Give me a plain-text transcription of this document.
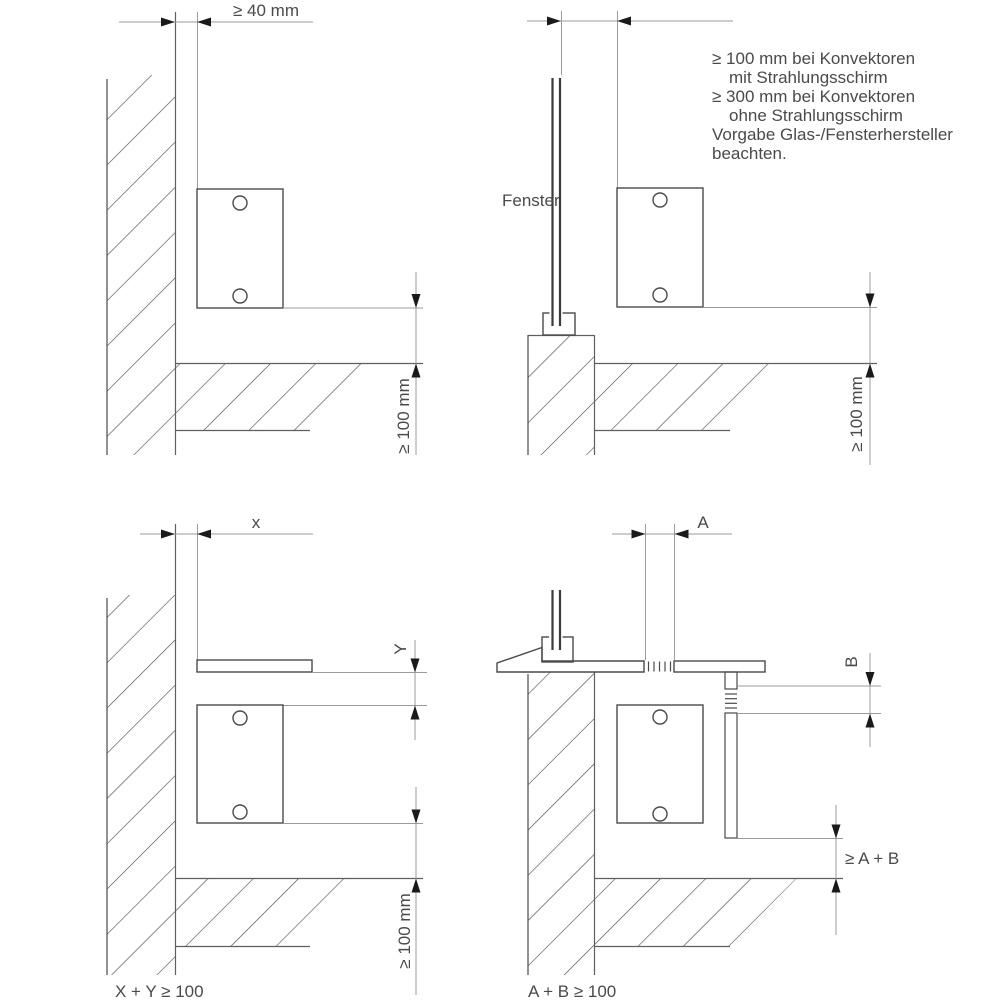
≥ 40 mm
≥ 100 mm
Fenster
≥ 100 mm bei Konvektoren
mit Strahlungsschirm
≥ 300 mm bei Konvektoren
ohne Strahlungsschirm
Vorgabe Glas-/Fensterhersteller
beachten.
≥ 100 mm
x
Y
≥ 100 mm
X + Y ≥ 100
A
B
≥ A + B
A + B ≥ 100
